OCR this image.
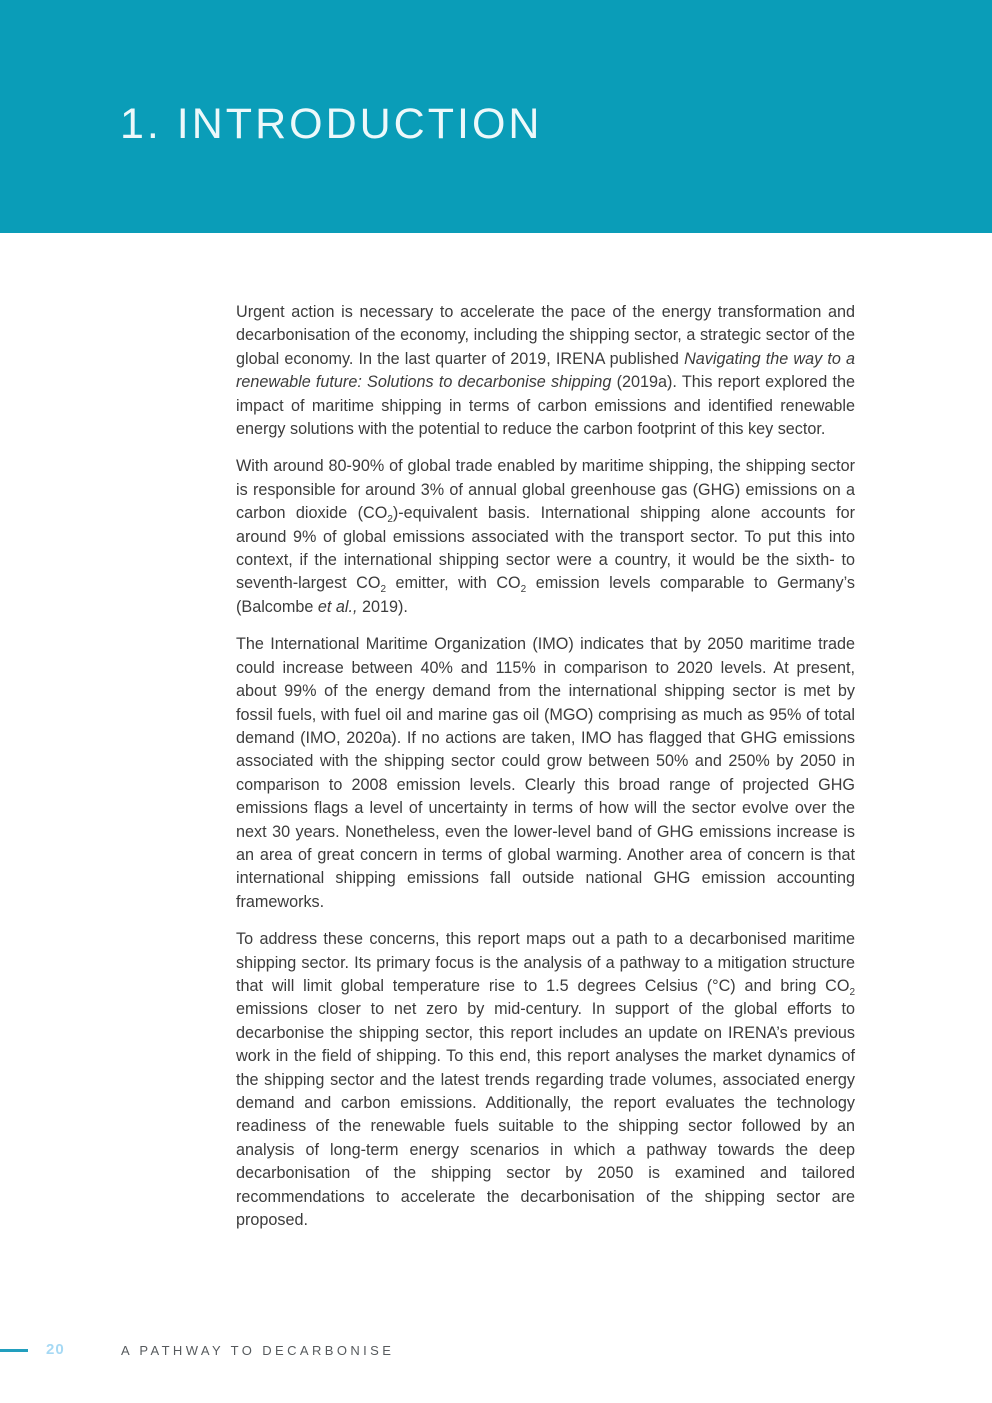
1. INTRODUCTION

Urgent action is necessary to accelerate the pace of the energy transformation and decarbonisation of the economy, including the shipping sector, a strategic sector of the global economy. In the last quarter of 2019, IRENA published Navigating the way to a renewable future: Solutions to decarbonise shipping (2019a). This report explored the impact of maritime shipping in terms of carbon emissions and identified renewable energy solutions with the potential to reduce the carbon footprint of this key sector.

With around 80-90% of global trade enabled by maritime shipping, the shipping sector is responsible for around 3% of annual global greenhouse gas (GHG) emissions on a carbon dioxide $(CO_2)$-equivalent basis. International shipping alone accounts for around 9% of global emissions associated with the transport sector. To put this into context, if the international shipping sector were a country, it would be the sixth- to seventh-largest $CO_2$ emitter, with $CO_2$ emission levels comparable to Germany’s (Balcombe et al., 2019).

The International Maritime Organization (IMO) indicates that by 2050 maritime trade could increase between 40% and 115% in comparison to 2020 levels. At present, about 99% of the energy demand from the international shipping sector is met by fossil fuels, with fuel oil and marine gas oil (MGO) comprising as much as 95% of total demand (IMO, 2020a). If no actions are taken, IMO has flagged that GHG emissions associated with the shipping sector could grow between 50% and 250% by 2050 in comparison to 2008 emission levels. Clearly this broad range of projected GHG emissions flags a level of uncertainty in terms of how will the sector evolve over the next 30 years. Nonetheless, even the lower-level band of GHG emissions increase is an area of great concern in terms of global warming. Another area of concern is that international shipping emissions fall outside national GHG emission accounting frameworks.

To address these concerns, this report maps out a path to a decarbonised maritime shipping sector. Its primary focus is the analysis of a pathway to a mitigation structure that will limit global temperature rise to 1.5 degrees Celsius (°C) and bring $CO_2$ emissions closer to net zero by mid-century. In support of the global efforts to decarbonise the shipping sector, this report includes an update on IRENA’s previous work in the field of shipping. To this end, this report analyses the market dynamics of the shipping sector and the latest trends regarding trade volumes, associated energy demand and carbon emissions. Additionally, the report evaluates the technology readiness of the renewable fuels suitable to the shipping sector followed by an analysis of long-term energy scenarios in which a pathway towards the deep decarbonisation of the shipping sector by 2050 is examined and tailored recommendations to accelerate the decarbonisation of the shipping sector are proposed.

20	A PATHWAY TO DECARBONISE
